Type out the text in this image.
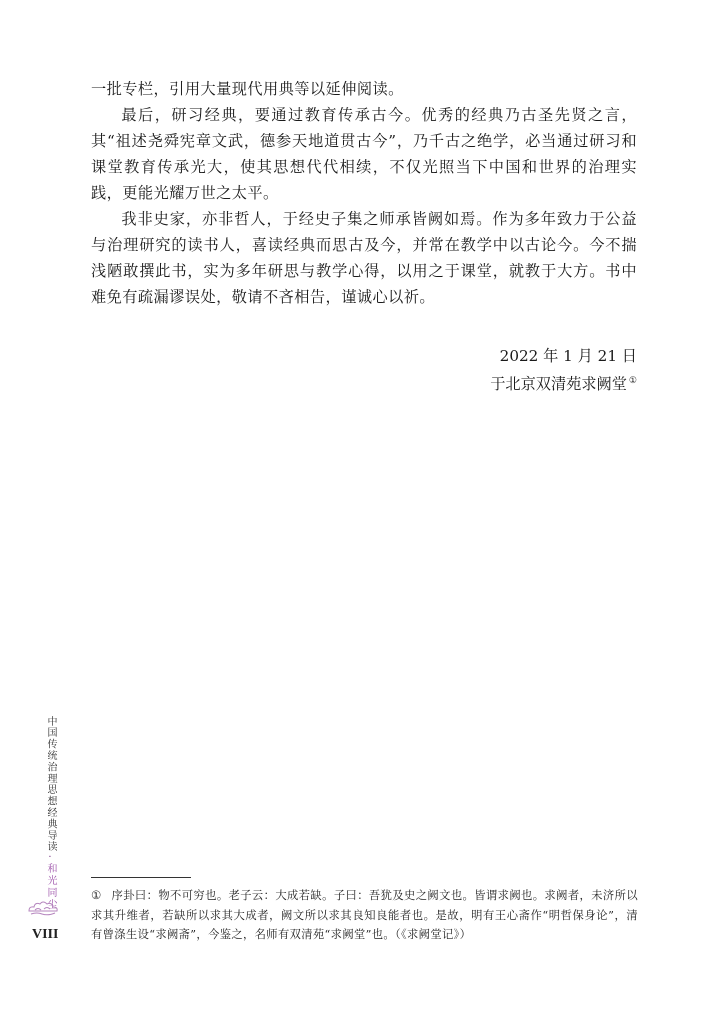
一批专栏，引用大量现代用典等以延伸阅读。

最后，研习经典，要通过教育传承古今。优秀的经典乃古圣先贤之言，其“祖述尧舜宪章文武，德参天地道贯古今”，乃千古之绝学，必当通过研习和课堂教育传承光大，使其思想代代相续，不仅光照当下中国和世界的治理实践，更能光耀万世之太平。

我非史家，亦非哲人，于经史子集之师承皆阙如焉。作为多年致力于公益与治理研究的读书人，喜读经典而思古及今，并常在教学中以古论今。今不揣浅陋敢撰此书，实为多年研思与教学心得，以用之于课堂，就教于大方。书中难免有疏漏谬误处，敬请不吝相告，谨诚心以祈。

2022 年 1 月 21 日
于北京双清苑求阙堂 ①
中国传统治理思想经典导读
·
和光同尘
VIII
① 序卦曰：物不可穷也。老子云：大成若缺。子曰：吾犹及史之阙文也。皆谓求阙也。求阙者，未济所以求其升维者，若缺所以求其大成者，阙文所以求其良知良能者也。是故，明有王心斋作“明哲保身论”，清有曾涤生设“求阙斋”，今鉴之，名师有双清苑“求阙堂”也。（《求阙堂记》）
